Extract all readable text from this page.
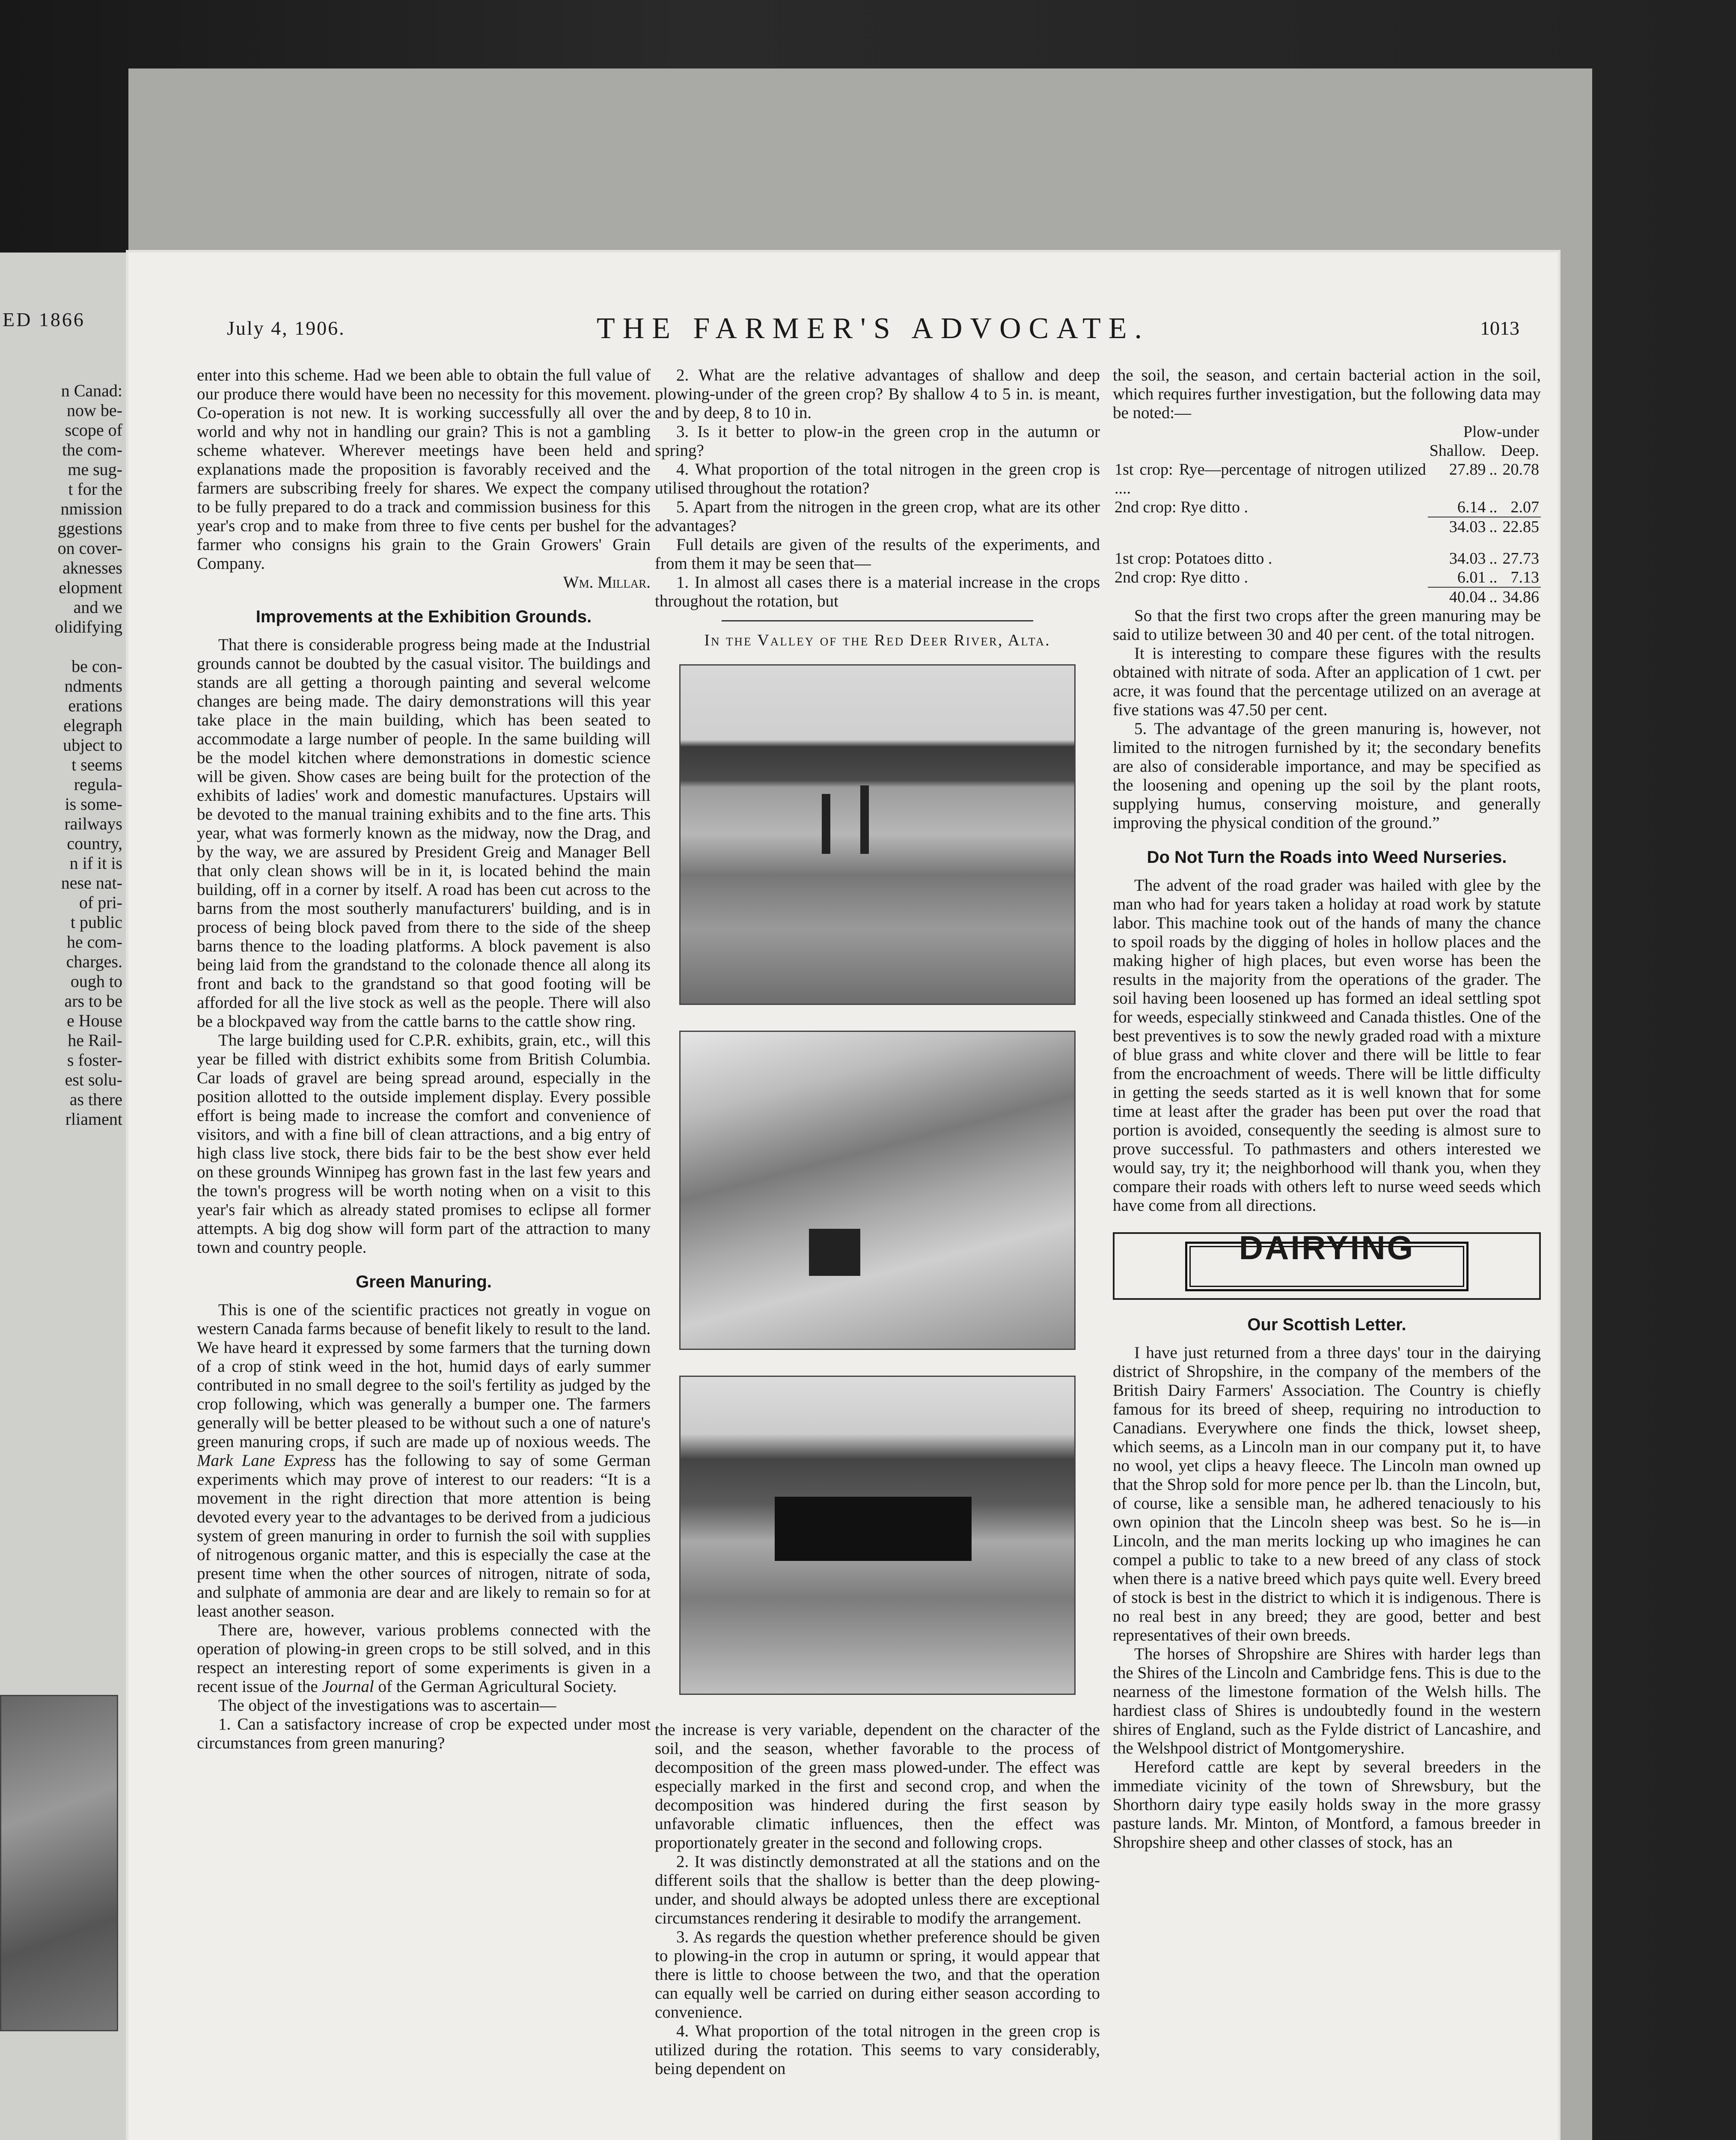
ED 1866
n Canad:
now be-
scope of
the com-
me sug-
t for the
nmission
ggestions
on cover-
aknesses
elopment
and we
olidifying

be con-
ndments
erations
elegraph
ubject to
t seems
regula-
is some-
railways
country,
n if it is
nese nat-
of pri-
t public
he com-
charges.
ough to
ars to be
e House
he Rail-
s foster-
est solu-
as there
rliament
July 4, 1906.	THE FARMER'S ADVOCATE.	1013

enter into this scheme. Had we been able to obtain the full value of our produce there would have been no necessity for this movement. Co-operation is not new. It is working successfully all over the world and why not in handling our grain? This is not a gambling scheme whatever. Wherever meetings have been held and explanations made the proposition is favorably received and the farmers are subscribing freely for shares. We expect the company to be fully prepared to do a track and commission business for this year's crop and to make from three to five cents per bushel for the farmer who consigns his grain to the Grain Growers' Grain Company.

Wm. Millar.

Improvements at the Exhibition Grounds.

That there is considerable progress being made at the Industrial grounds cannot be doubted by the casual visitor. The buildings and stands are all getting a thorough painting and several welcome changes are being made. The dairy demonstrations will this year take place in the main building, which has been seated to accommodate a large number of people. In the same building will be the model kitchen where demonstrations in domestic science will be given. Show cases are being built for the protection of the exhibits of ladies' work and domestic manufactures. Upstairs will be devoted to the manual training exhibits and to the fine arts. This year, what was formerly known as the midway, now the Drag, and by the way, we are assured by President Greig and Manager Bell that only clean shows will be in it, is located behind the main building, off in a corner by itself. A road has been cut across to the barns from the most southerly manufacturers' building, and is in process of being block paved from there to the side of the sheep barns thence to the loading platforms. A block pavement is also being laid from the grandstand to the colonade thence all along its front and back to the grandstand so that good footing will be afforded for all the live stock as well as the people. There will also be a blockpaved way from the cattle barns to the cattle show ring.

The large building used for C.P.R. exhibits, grain, etc., will this year be filled with district exhibits some from British Columbia. Car loads of gravel are being spread around, especially in the position allotted to the outside implement display. Every possible effort is being made to increase the comfort and convenience of visitors, and with a fine bill of clean attractions, and a big entry of high class live stock, there bids fair to be the best show ever held on these grounds Winnipeg has grown fast in the last few years and the town's progress will be worth noting when on a visit to this year's fair which as already stated promises to eclipse all former attempts. A big dog show will form part of the attraction to many town and country people.

Green Manuring.

This is one of the scientific practices not greatly in vogue on western Canada farms because of benefit likely to result to the land. We have heard it expressed by some farmers that the turning down of a crop of stink weed in the hot, humid days of early summer contributed in no small degree to the soil's fertility as judged by the crop following, which was generally a bumper one. The farmers generally will be better pleased to be without such a one of nature's green manuring crops, if such are made up of noxious weeds. The Mark Lane Express has the following to say of some German experiments which may prove of interest to our readers: “It is a movement in the right direction that more attention is being devoted every year to the advantages to be derived from a judicious system of green manuring in order to furnish the soil with supplies of nitrogenous organic matter, and this is especially the case at the present time when the other sources of nitrogen, nitrate of soda, and sulphate of ammonia are dear and are likely to remain so for at least another season.

There are, however, various problems connected with the operation of plowing-in green crops to be still solved, and in this respect an interesting report of some experiments is given in a recent issue of the Journal of the German Agricultural Society.

The object of the investigations was to ascertain—

1. Can a satisfactory increase of crop be expected under most circumstances from green manuring?

2. What are the relative advantages of shallow and deep plowing-under of the green crop? By shallow 4 to 5 in. is meant, and by deep, 8 to 10 in.

3. Is it better to plow-in the green crop in the autumn or spring?

4. What proportion of the total nitrogen in the green crop is utilised throughout the rotation?

5. Apart from the nitrogen in the green crop, what are its other advantages?

Full details are given of the results of the experiments, and from them it may be seen that—

1. In almost all cases there is a material increase in the crops throughout the rotation, but

In the Valley of the Red Deer River, Alta.

the increase is very variable, dependent on the character of the soil, and the season, whether favorable to the process of decomposition of the green mass plowed-under. The effect was especially marked in the first and second crop, and when the decomposition was hindered during the first season by unfavorable climatic influences, then the effect was proportionately greater in the second and following crops.

2. It was distinctly demonstrated at all the stations and on the different soils that the shallow is better than the deep plowing-under, and should always be adopted unless there are exceptional circumstances rendering it desirable to modify the arrangement.

3. As regards the question whether preference should be given to plowing-in the crop in autumn or spring, it would appear that there is little to choose between the two, and that the operation can equally well be carried on during either season according to convenience.

4. What proportion of the total nitrogen in the green crop is utilized during the rotation. This seems to vary considerably, being dependent on

the soil, the season, and certain bacterial action in the soil, which requires further investigation, but the following data may be noted:—

	Plow-under		
	Shallow.		Deep.
1st crop: Rye—percentage of nitrogen utilized ....	27.89	..	20.78
2nd crop: Rye ditto .	6.14	..	2.07
	34.03	..	22.85

1st crop: Potatoes ditto .	34.03	..	27.73
2nd crop: Rye ditto .	6.01	..	7.13
	40.04	..	34.86

So that the first two crops after the green manuring may be said to utilize between 30 and 40 per cent. of the total nitrogen.

It is interesting to compare these figures with the results obtained with nitrate of soda. After an application of 1 cwt. per acre, it was found that the percentage utilized on an average at five stations was 47.50 per cent.

5. The advantage of the green manuring is, however, not limited to the nitrogen furnished by it; the secondary benefits are also of considerable importance, and may be specified as the loosening and opening up the soil by the plant roots, supplying humus, conserving moisture, and generally improving the physical condition of the ground.”

Do Not Turn the Roads into Weed Nurseries.

The advent of the road grader was hailed with glee by the man who had for years taken a holiday at road work by statute labor. This machine took out of the hands of many the chance to spoil roads by the digging of holes in hollow places and the making higher of high places, but even worse has been the results in the majority from the operations of the grader. The soil having been loosened up has formed an ideal settling spot for weeds, especially stinkweed and Canada thistles. One of the best preventives is to sow the newly graded road with a mixture of blue grass and white clover and there will be little to fear from the encroachment of weeds. There will be little difficulty in getting the seeds started as it is well known that for some time at least after the grader has been put over the road that portion is avoided, consequently the seeding is almost sure to prove successful. To pathmasters and others interested we would say, try it; the neighborhood will thank you, when they compare their roads with others left to nurse weed seeds which have come from all directions.

DAIRYING
Our Scottish Letter.

I have just returned from a three days' tour in the dairying district of Shropshire, in the company of the members of the British Dairy Farmers' Association. The Country is chiefly famous for its breed of sheep, requiring no introduction to Canadians. Everywhere one finds the thick, lowset sheep, which seems, as a Lincoln man in our company put it, to have no wool, yet clips a heavy fleece. The Lincoln man owned up that the Shrop sold for more pence per lb. than the Lincoln, but, of course, like a sensible man, he adhered tenaciously to his own opinion that the Lincoln sheep was best. So he is—in Lincoln, and the man merits locking up who imagines he can compel a public to take to a new breed of any class of stock when there is a native breed which pays quite well. Every breed of stock is best in the district to which it is indigenous. There is no real best in any breed; they are good, better and best representatives of their own breeds.

The horses of Shropshire are Shires with harder legs than the Shires of the Lincoln and Cambridge fens. This is due to the nearness of the limestone formation of the Welsh hills. The hardiest class of Shires is undoubtedly found in the western shires of England, such as the Fylde district of Lancashire, and the Welshpool district of Montgomeryshire.

Hereford cattle are kept by several breeders in the immediate vicinity of the town of Shrewsbury, but the Shorthorn dairy type easily holds sway in the more grassy pasture lands. Mr. Minton, of Montford, a famous breeder in Shropshire sheep and other classes of stock, has an
